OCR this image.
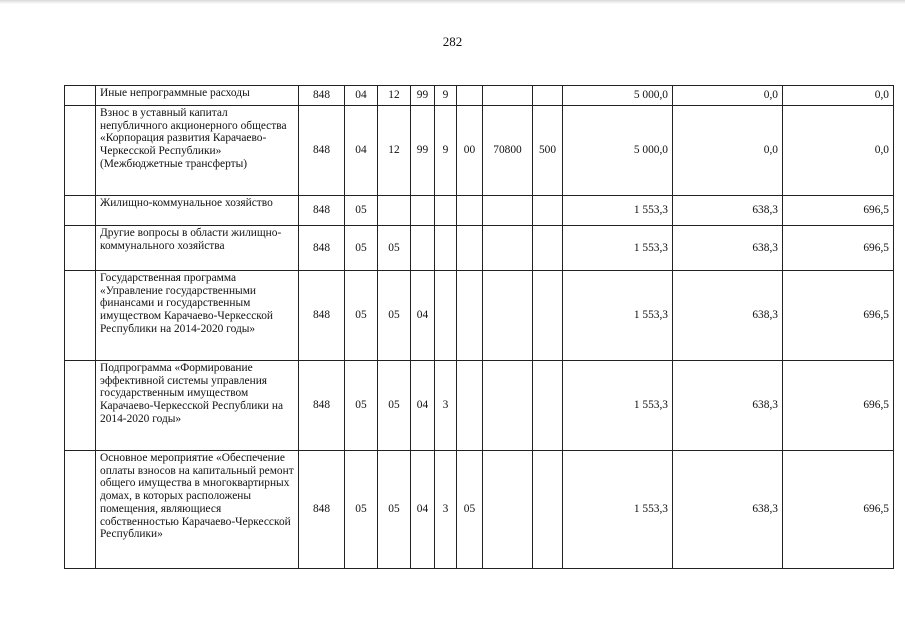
282
	Иные непрограммные расходы	848	04	12	99	9				5 000,0	0,0	0,0
	Взнос в уставный капитал непубличного акционерного общества «Корпорация развития Карачаево-Черкесской Республики» (Межбюджетные трансферты)	848	04	12	99	9	00	70800	500	5 000,0	0,0	0,0
	Жилищно-коммунальное хозяйство	848	05							1 553,3	638,3	696,5
	Другие вопросы в области жилищно-коммунального хозяйства	848	05	05						1 553,3	638,3	696,5
	Государственная программа «Управление государственными финансами и государственным имуществом Карачаево-Черкесской Республики на 2014-2020 годы»	848	05	05	04					1 553,3	638,3	696,5
	Подпрограмма «Формирование эффективной системы управления государственным имуществом Карачаево-Черкесской Республики на 2014-2020 годы»	848	05	05	04	3				1 553,3	638,3	696,5
	Основное мероприятие «Обеспечение оплаты взносов на капитальный ремонт общего имущества в многоквартирных домах, в которых расположены помещения, являющиеся собственностью Карачаево-Черкесской Республики»	848	05	05	04	3	05			1 553,3	638,3	696,5
